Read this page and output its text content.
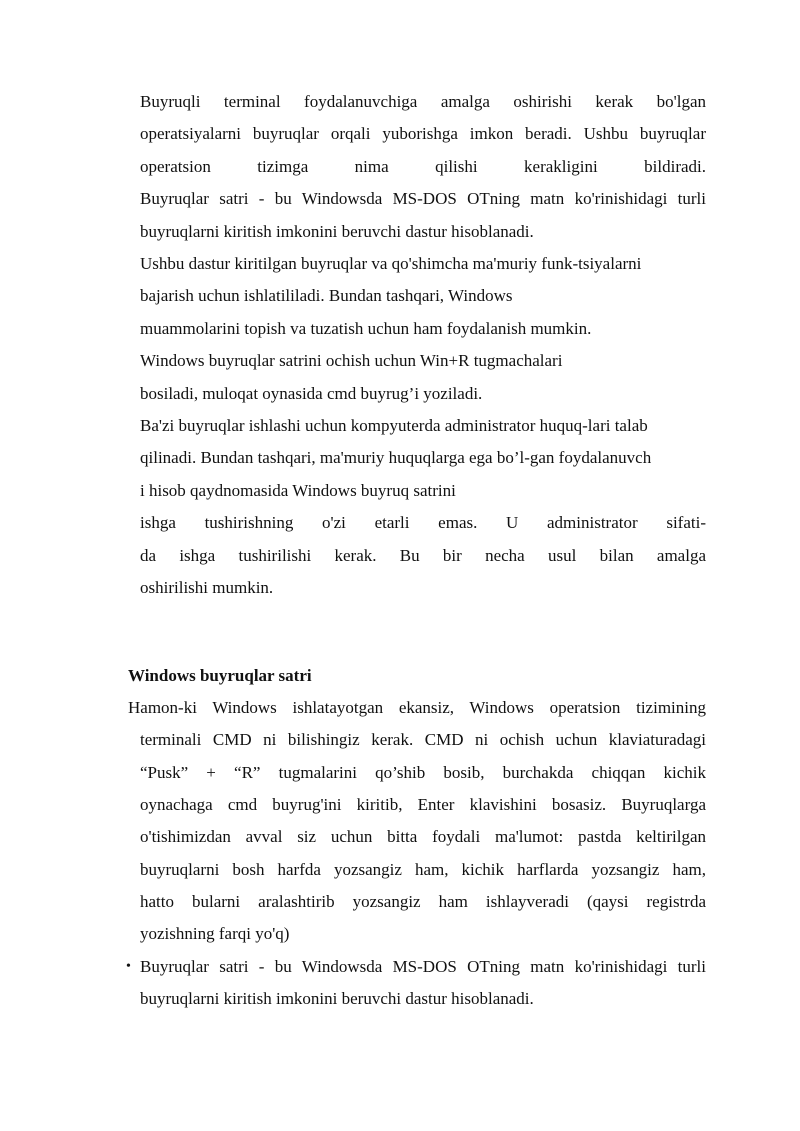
Buyruqli terminal foydalanuvchiga amalga oshirishi kerak bo'lgan
operatsiyalarni buyruqlar orqali yuborishga imkon beradi. Ushbu buyruqlar
operatsion tizimga nima qilishi kerakligini bildiradi.
Buyruqlar satri - bu Windowsda MS-DOS OTning matn ko'rinishidagi turli
buyruqlarni kiritish imkonini beruvchi dastur hisoblanadi.
Ushbu dastur kiritilgan buyruqlar va qo'shimcha ma'muriy funk-tsiyalarni
bajarish uchun ishlatililadi. Bundan tashqari, Windows
muammolarini topish va tuzatish uchun ham foydalanish mumkin.
Windows buyruqlar satrini ochish uchun Win+R tugmachalari
bosiladi, muloqat oynasida cmd buyrug’i yoziladi.
Ba'zi buyruqlar ishlashi uchun kompyuterda administrator huquq-lari talab
qilinadi. Bundan tashqari, ma'muriy huquqlarga ega bo’l-gan foydalanuvch
i hisob qaydnomasida Windows buyruq satrini
ishga tushirishning o'zi etarli emas. U administrator sifati-
da ishga tushirilishi kerak. Bu bir necha usul bilan amalga
oshirilishi mumkin.
Windows buyruqlar satri
Hamon-ki Windows ishlatayotgan ekansiz, Windows operatsion tizimining
terminali CMD ni bilishingiz kerak. CMD ni ochish uchun klaviaturadagi
“Pusk” + “R” tugmalarini qo’shib bosib, burchakda chiqqan kichik
oynachaga cmd buyrug'ini kiritib, Enter klavishini bosasiz. Buyruqlarga
o'tishimizdan avval siz uchun bitta foydali ma'lumot: pastda keltirilgan
buyruqlarni bosh harfda yozsangiz ham, kichik harflarda yozsangiz ham,
hatto bularni aralashtirib yozsangiz ham ishlayveradi (qaysi registrda
yozishning farqi yo'q)
• Buyruqlar satri - bu Windowsda MS-DOS OTning matn ko'rinishidagi turli
buyruqlarni kiritish imkonini beruvchi dastur hisoblanadi.
